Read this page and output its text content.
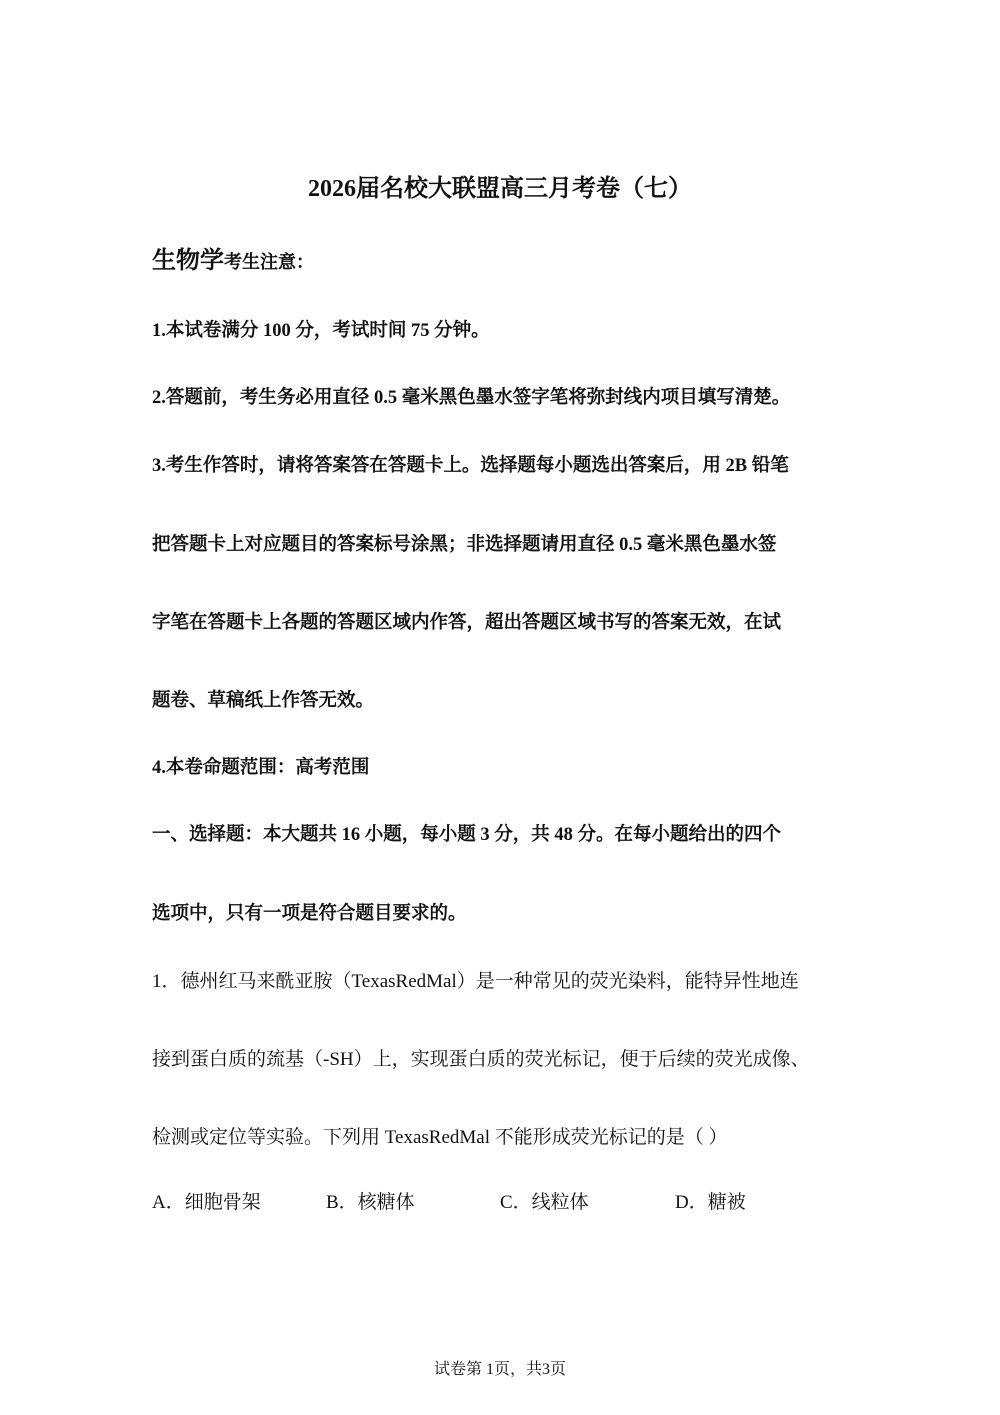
2026届名校大联盟高三月考卷（七）
生物学考生注意：
1.本试卷满分 100 分，考试时间 75 分钟。
2.答题前，考生务必用直径 0.5 毫米黑色墨水签字笔将弥封线内项目填写清楚。
3.考生作答时，请将答案答在答题卡上。选择题每小题选出答案后，用 2B 铅笔
把答题卡上对应题目的答案标号涂黑；非选择题请用直径 0.5 毫米黑色墨水签
字笔在答题卡上各题的答题区域内作答，超出答题区域书写的答案无效，在试
题卷、草稿纸上作答无效。
4.本卷命题范围：高考范围
一、选择题：本大题共 16 小题，每小题 3 分，共 48 分。在每小题给出的四个
选项中，只有一项是符合题目要求的。
1．德州红马来酰亚胺（TexasRedMal）是一种常见的荧光染料，能特异性地连
接到蛋白质的巯基（-SH）上，实现蛋白质的荧光标记，便于后续的荧光成像、
检测或定位等实验。下列用 TexasRedMal 不能形成荧光标记的是（ ）
A．细胞骨架	B．核糖体	C．线粒体	D．糖被
试卷第 1页，共3页
